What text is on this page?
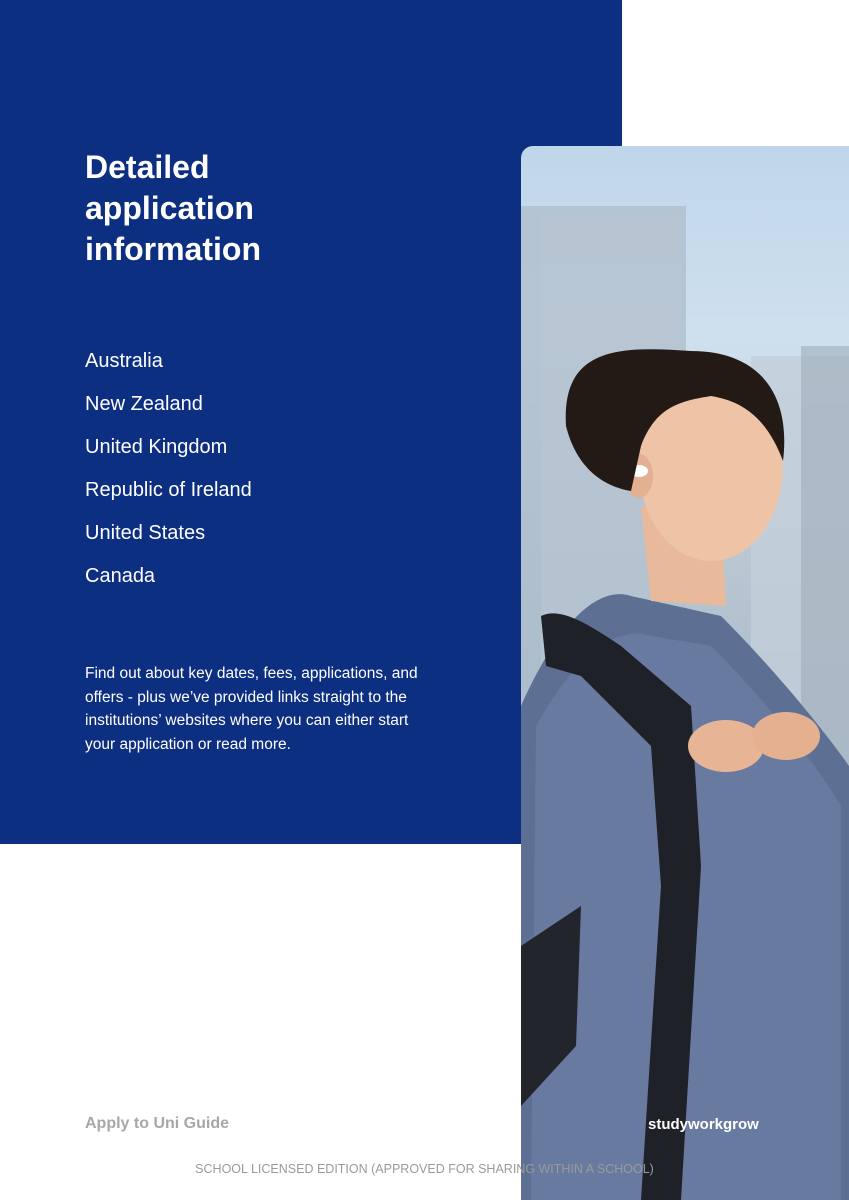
Detailed
application
information
Australia
New Zealand
United Kingdom
Republic of Ireland
United States
Canada

Find out about key dates, fees, applications, and offers - plus we’ve provided links straight to the institutions’ websites where you can either start your application or read more.

Apply to Uni Guide	studyworkgrow
SCHOOL LICENSED EDITION (APPROVED FOR SHARING WITHIN A SCHOOL)
